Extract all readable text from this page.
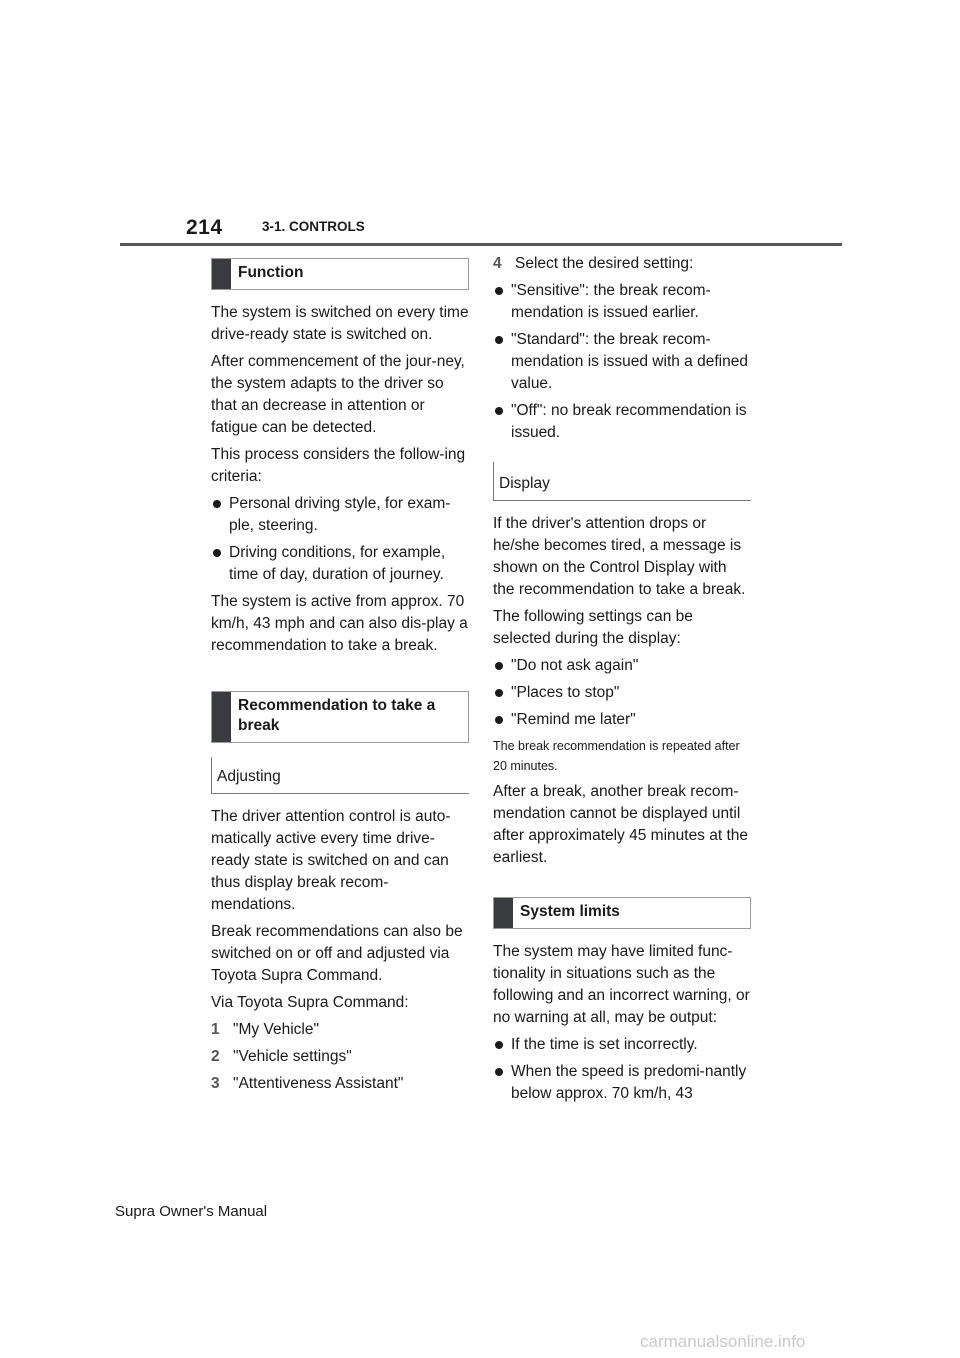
214	3-1. CONTROLS
Function

The system is switched on every time drive-ready state is switched on.

After commencement of the jour-ney, the system adapts to the driver so that an decrease in attention or fatigue can be detected.

This process considers the follow-ing criteria:

Personal driving style, for exam-ple, steering.

Driving conditions, for example, time of day, duration of journey.

The system is active from approx. 70 km/h, 43 mph and can also dis-play a recommendation to take a break.

Recommendation to take a break
Adjusting

The driver attention control is auto-matically active every time drive-ready state is switched on and can thus display break recom-mendations.

Break recommendations can also be switched on or off and adjusted via Toyota Supra Command.

Via Toyota Supra Command:

1 "My Vehicle"

2 "Vehicle settings"

3 "Attentiveness Assistant"

4 Select the desired setting:

"Sensitive": the break recom-mendation is issued earlier.

"Standard": the break recom-mendation is issued with a defined value.

"Off": no break recommendation is issued.

Display

If the driver's attention drops or he/she becomes tired, a message is shown on the Control Display with the recommendation to take a break.

The following settings can be selected during the display:

"Do not ask again"

"Places to stop"

"Remind me later"

The break recommendation is repeated after 20 minutes.

After a break, another break recom-mendation cannot be displayed until after approximately 45 minutes at the earliest.

System limits

The system may have limited func-tionality in situations such as the following and an incorrect warning, or no warning at all, may be output:

If the time is set incorrectly.

When the speed is predomi-nantly below approx. 70 km/h, 43

Supra Owner's Manual
carmanualsonline.info
